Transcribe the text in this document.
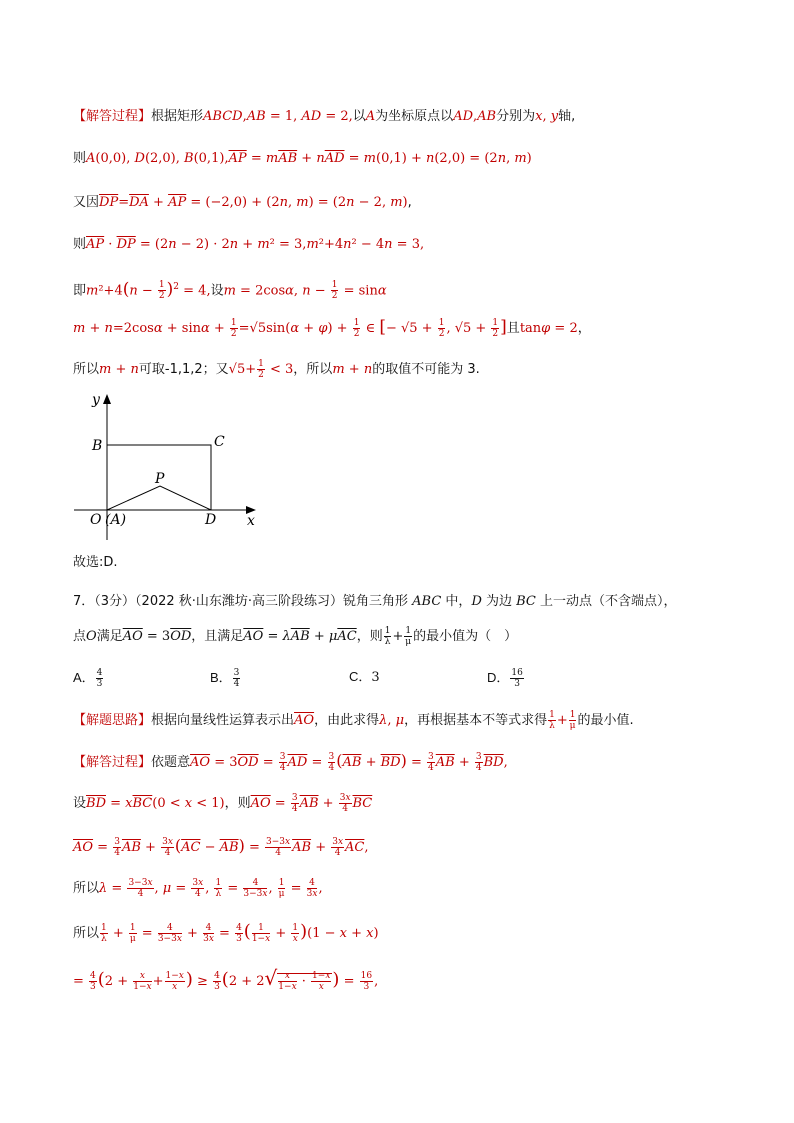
【解答过程】根据矩形ABCD,AB = 1, AD = 2,以A为坐标原点以AD,AB分别为x, y轴,
则A(0,0), D(2,0), $B(0,1),\overline{AP} = m\overline{AB} + n\overline{AD} = m(0,1) + n(2,0) = (2n$, m)
又因$\overline{DP}=\overline{DA} + \overline{AP} = (-2,0) + (2n$, m) = (2n − 2, m),
则$\overline{AP} \cdot \overline{DP} = (2n - 2) \cdot 2n + m^2 = 3,m^2+4n^2 - 4n = 3$,
即$m^2+4(n - \frac{1}{2} )^2 = 4$,设m = 2cosα, $n - \frac{1}{2} = \sin\alpha$
$m + n=2\cos\alpha + \sin\alpha + \frac{1}{2} =√5\sin(\alpha + \varphi) + \frac{1}{2}$ ∈ [− $√5 + \frac{1}{2}$ , $√5 + \frac{1}{2}$ ]且tanφ = 2，
所以m + n可取-1,1,2；又$√5+ \frac{1}{2} < 3$，所以m + n的取值不可能为 3.
y
x
B	C
P
O (A)	D
故选:D.
7．（3分）（2022 秋·山东潍坊·高三阶段练习）锐角三角形 ABC 中，D 为边 BC 上一动点（不含端点），
点O满足$\overline{AO} = 3\overline{OD}$，且满足$\overline{AO} = \lambda\overline{AB} + \mu\overline{AC}$，则 $\frac{1}{\lambda} + \frac{1}{\mu}$ 的最小值为（　）
A． $\frac{4}{3}$	B． $\frac{3}{4}$	C．3	D． $\frac{16}{3}$
【解题思路】根据向量线性运算表示出$\overline{AO}$，由此求得λ, μ，再根据基本不等式求得 $\frac{1}{\lambda} + \frac{1}{\mu}$ 的最小值.
【解答过程】依题意$\overline{AO} = 3\overline{OD} = \frac{3}{4} \overline{AD} = \frac{3}{4} (\overline{AB} + \overline{BD}) = \frac{3}{4} \overline{AB} + \frac{3}{4} \overline{BD}$,
设$\overline{BD} = x\overline{BC}(0 < x < 1)$，则$\overline{AO} = \frac{3}{4} \overline{AB} + \frac{3x}{4} \overline{BC}$
$\overline{AO} = \frac{3}{4} \overline{AB} + \frac{3x}{4} (\overline{AC} - \overline{AB}) = \frac{3-3x}{4} \overline{AB} + \frac{3x}{4} \overline{AC}$,
所以$\lambda = \frac{3-3x}{4}$ , $\mu = \frac{3x}{4}$ , $\frac{1}{\lambda} = \frac{4}{3-3x}$ , $\frac{1}{\mu} = \frac{4}{3x}$ ,
所以 $\frac{1}{\lambda} + \frac{1}{\mu} = \frac{4}{3-3x} + \frac{4}{3x} = \frac{4}{3}$ ( $\frac{1}{1-x} + \frac{1}{x} )(1 - x + x)$
= $\frac{4}{3} (2 + \frac{x}{1-x} + \frac{1-x}{x}$ ) ≥ $\frac{4}{3} (2 + 2√ \frac{x}{1-x} \cdot \frac{1-x}{x}$ ) = $\frac{16}{3}$ ,
